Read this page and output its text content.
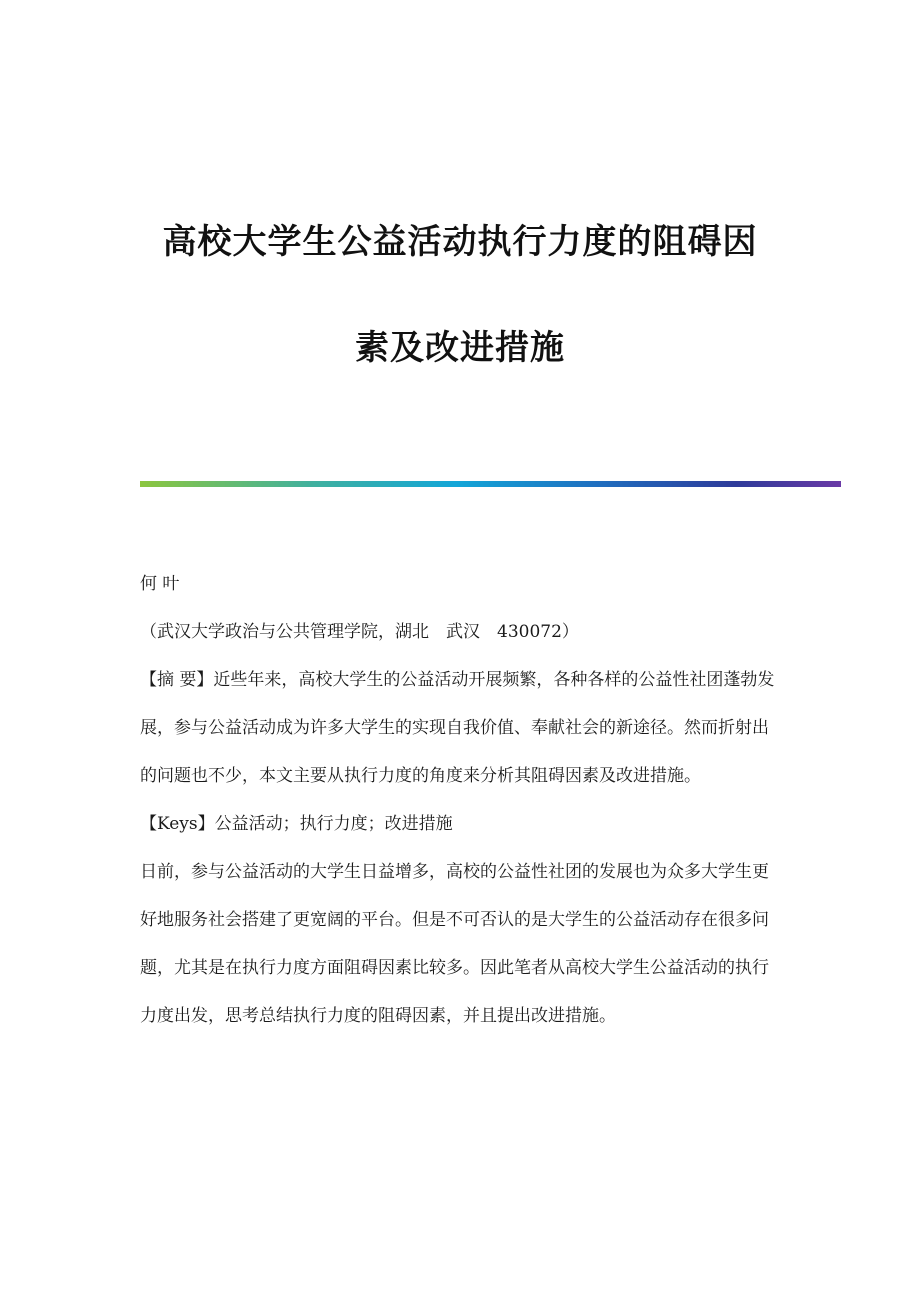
高校大学生公益活动执行力度的阻碍因
素及改进措施

何 叶

（武汉大学政治与公共管理学院，湖北　武汉　430072）

【摘 要】近些年来，高校大学生的公益活动开展频繁，各种各样的公益性社团蓬勃发展，参与公益活动成为许多大学生的实现自我价值、奉献社会的新途径。然而折射出的问题也不少，本文主要从执行力度的角度来分析其阻碍因素及改进措施。

【Keys】公益活动；执行力度；改进措施

日前，参与公益活动的大学生日益增多，高校的公益性社团的发展也为众多大学生更好地服务社会搭建了更宽阔的平台。但是不可否认的是大学生的公益活动存在很多问题，尤其是在执行力度方面阻碍因素比较多。因此笔者从高校大学生公益活动的执行力度出发，思考总结执行力度的阻碍因素，并且提出改进措施。
